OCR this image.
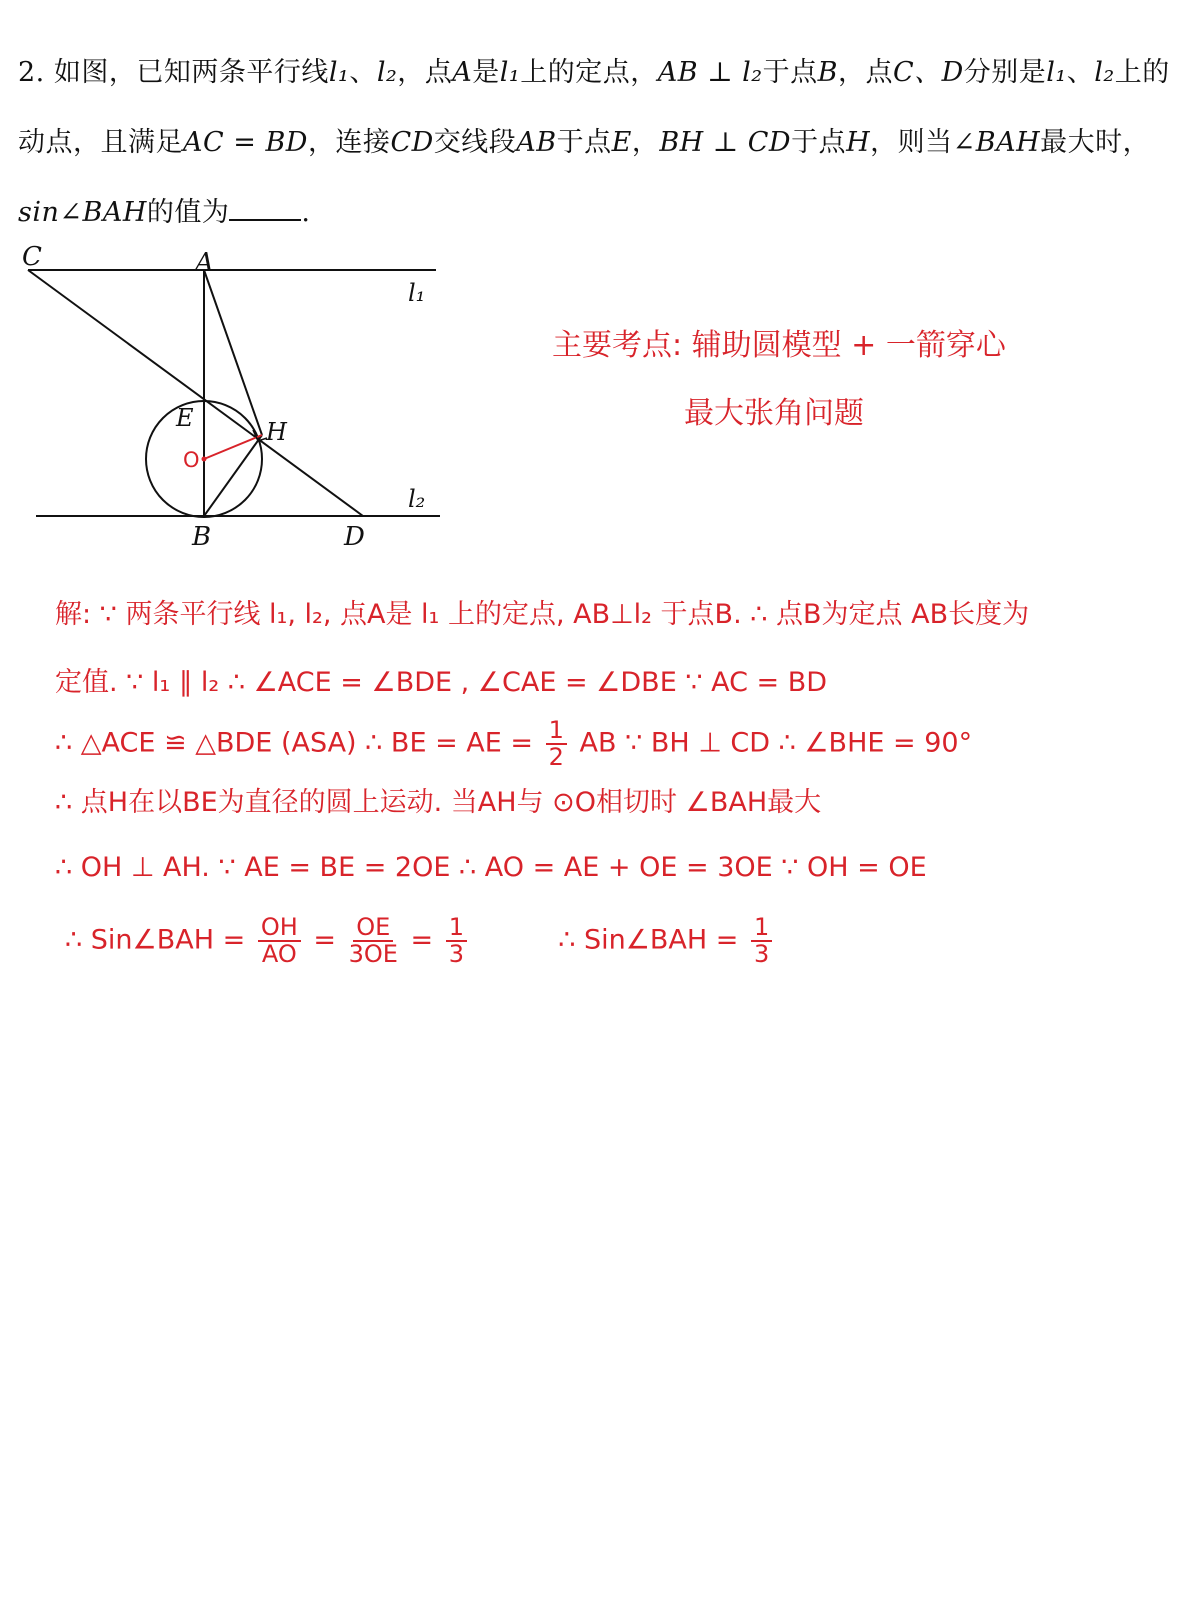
2. 如图，已知两条平行线l₁、l₂，点A是l₁上的定点，AB ⊥ l₂于点B，点C、D分别是l₁、l₂上的动点，且满足AC = BD，连接CD交线段AB于点E，BH ⊥ CD于点H，则当∠BAH最大时，sin∠BAH的值为	.
C	A
l₁
E	H
O
l₂
B	D
主要考点: 辅助圆模型 + 一箭穿心
最大张角问题
解: ∵ 两条平行线 l₁, l₂, 点A是 l₁ 上的定点, AB⊥l₂ 于点B. ∴ 点B为定点 AB长度为
定值. ∵ l₁ ∥ l₂ ∴ ∠ACE = ∠BDE , ∠CAE = ∠DBE ∵ AC = BD
∴ △ACE ≌ △BDE (ASA) ∴ BE = AE = $\frac{1}{2}$ AB ∵ BH ⊥ CD ∴ ∠BHE = 90°
∴ 点H在以BE为直径的圆上运动. 当AH与 ⊙O相切时 ∠BAH最大
∴ OH ⊥ AH. ∵ AE = BE = 2OE ∴ AO = AE + OE = 3OE ∵ OH = OE
∴ Sin∠BAH = $\frac{OH}{AO} = \frac{OE}{3OE} = \frac{1}{3}$	∴ Sin∠BAH = $\frac{1}{3}$
